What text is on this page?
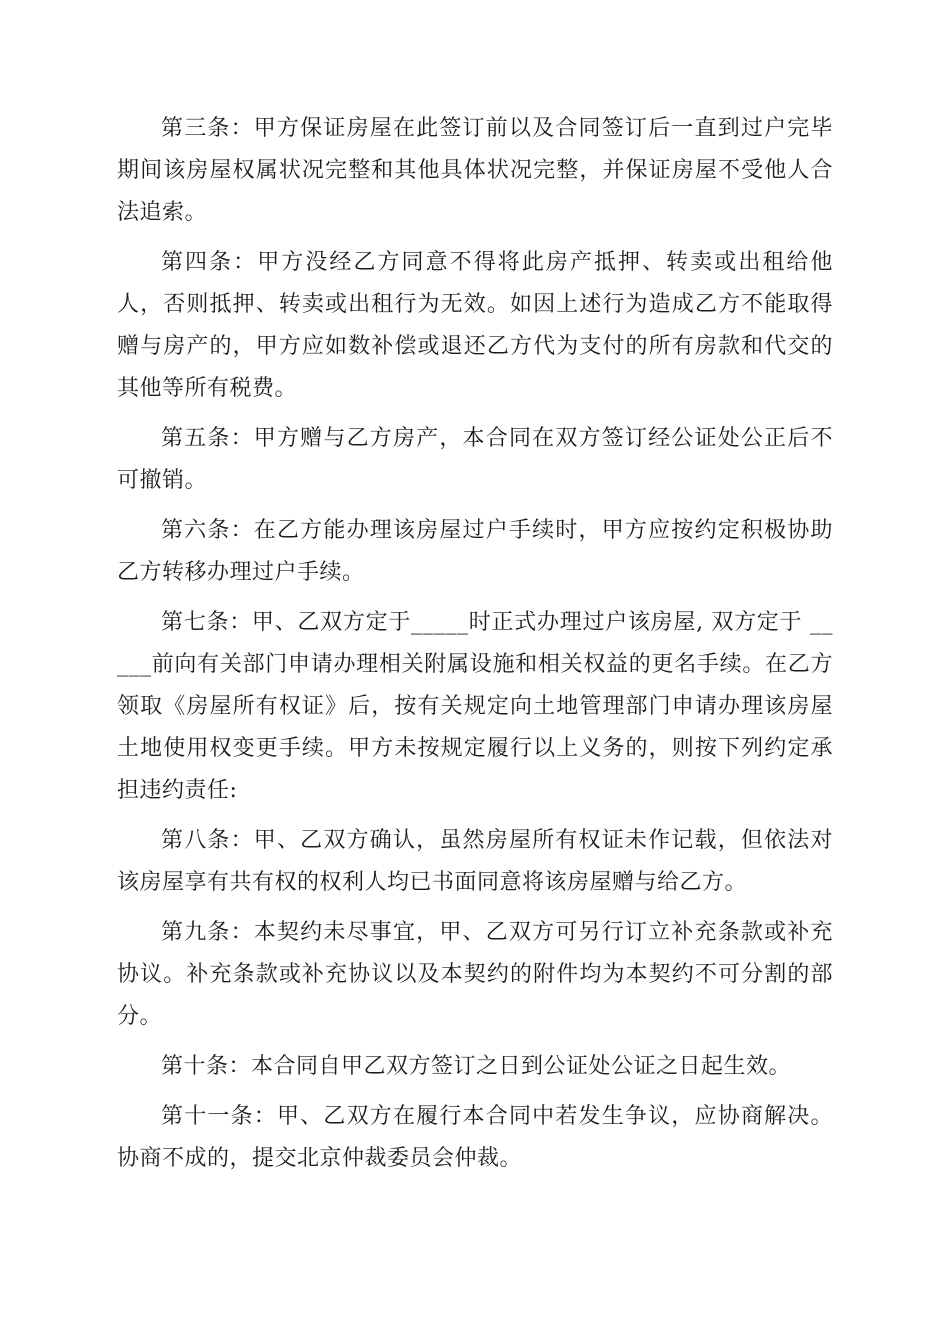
第三条：甲方保证房屋在此签订前以及合同签订后一直到过户完毕期间该房屋权属状况完整和其他具体状况完整，并保证房屋不受他人合法追索。

第四条：甲方没经乙方同意不得将此房产抵押、转卖或出租给他人，否则抵押、转卖或出租行为无效。如因上述行为造成乙方不能取得赠与房产的，甲方应如数补偿或退还乙方代为支付的所有房款和代交的其他等所有税费。

第五条：甲方赠与乙方房产，本合同在双方签订经公证处公正后不可撤销。

第六条：在乙方能办理该房屋过户手续时，甲方应按约定积极协助乙方转移办理过户手续。

第七条：甲、乙双方定于_____时正式办理过户该房屋, 双方定于 _____前向有关部门申请办理相关附属设施和相关权益的更名手续。在乙方领取《房屋所有权证》后，按有关规定向土地管理部门申请办理该房屋土地使用权变更手续。甲方未按规定履行以上义务的，则按下列约定承担违约责任:

第八条：甲、乙双方确认，虽然房屋所有权证未作记载，但依法对该房屋享有共有权的权利人均已书面同意将该房屋赠与给乙方。

第九条：本契约未尽事宜，甲、乙双方可另行订立补充条款或补充协议。补充条款或补充协议以及本契约的附件均为本契约不可分割的部分。

第十条：本合同自甲乙双方签订之日到公证处公证之日起生效。

第十一条：甲、乙双方在履行本合同中若发生争议，应协商解决。协商不成的，提交北京仲裁委员会仲裁。
